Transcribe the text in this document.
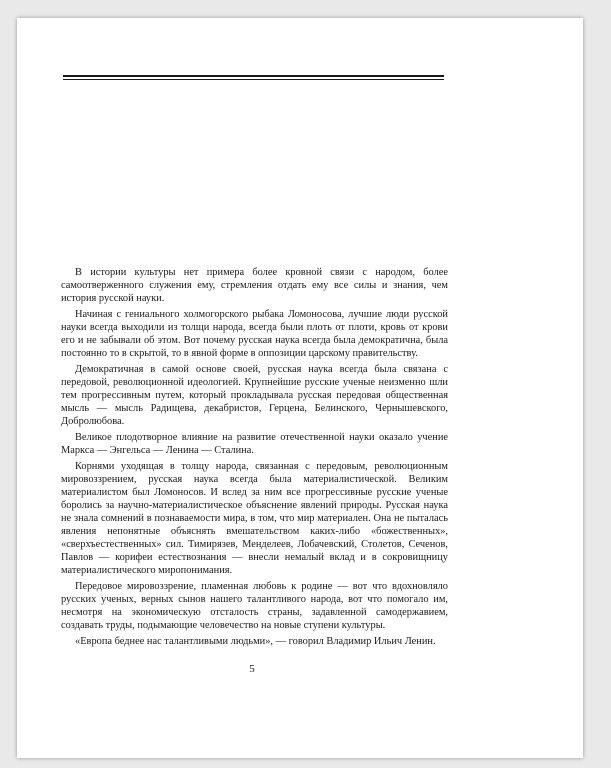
В истории культуры нет примера более кровной связи с народом, более самоотверженного служения ему, стремления отдать ему все силы и знания, чем история русской науки.

Начиная с гениального холмогорского рыбака Ломоносова, лучшие люди русской науки всегда выходили из толщи народа, всегда были плоть от плоти, кровь от крови его и не забывали об этом. Вот почему русская наука всегда была демократична, была постоянно то в скрытой, то в явной форме в оппозиции царскому правительству.

Демократичная в самой основе своей, русская наука всегда была связана с передовой, революционной идеологией. Крупнейшие русские ученые неизменно шли тем прогрессивным путем, который прокладывала русская передовая общественная мысль — мысль Радищева, декабристов, Герцена, Белинского, Чернышевского, Добролюбова.

Великое плодотворное влияние на развитие отечественной науки оказало учение Маркса — Энгельса — Ленина — Сталина.

Корнями уходящая в толщу народа, связанная с передовым, революционным мировоззрением, русская наука всегда была материалистической. Великим материалистом был Ломоносов. И вслед за ним все прогрессивные русские ученые боролись за научно-материалистическое объяснение явлений природы. Русская наука не знала сомнений в познаваемости мира, в том, что мир материален. Она не пыталась явления непонятные объяснять вмешательством каких-либо «божественных», «сверхъестественных» сил. Тимирязев, Менделеев, Лобачевский, Столетов, Сеченов, Павлов — корифеи естествознания — внесли немалый вклад и в сокровищницу материалистического миропонимания.

Передовое мировоззрение, пламенная любовь к родине — вот что вдохновляло русских ученых, верных сынов нашего талантливого народа, вот что помогало им, несмотря на экономическую отсталость страны, задавленной самодержавием, создавать труды, подымающие человечество на новые ступени культуры.

«Европа беднее нас талантливыми людьми», — говорил Владимир Ильич Ленин.

5
